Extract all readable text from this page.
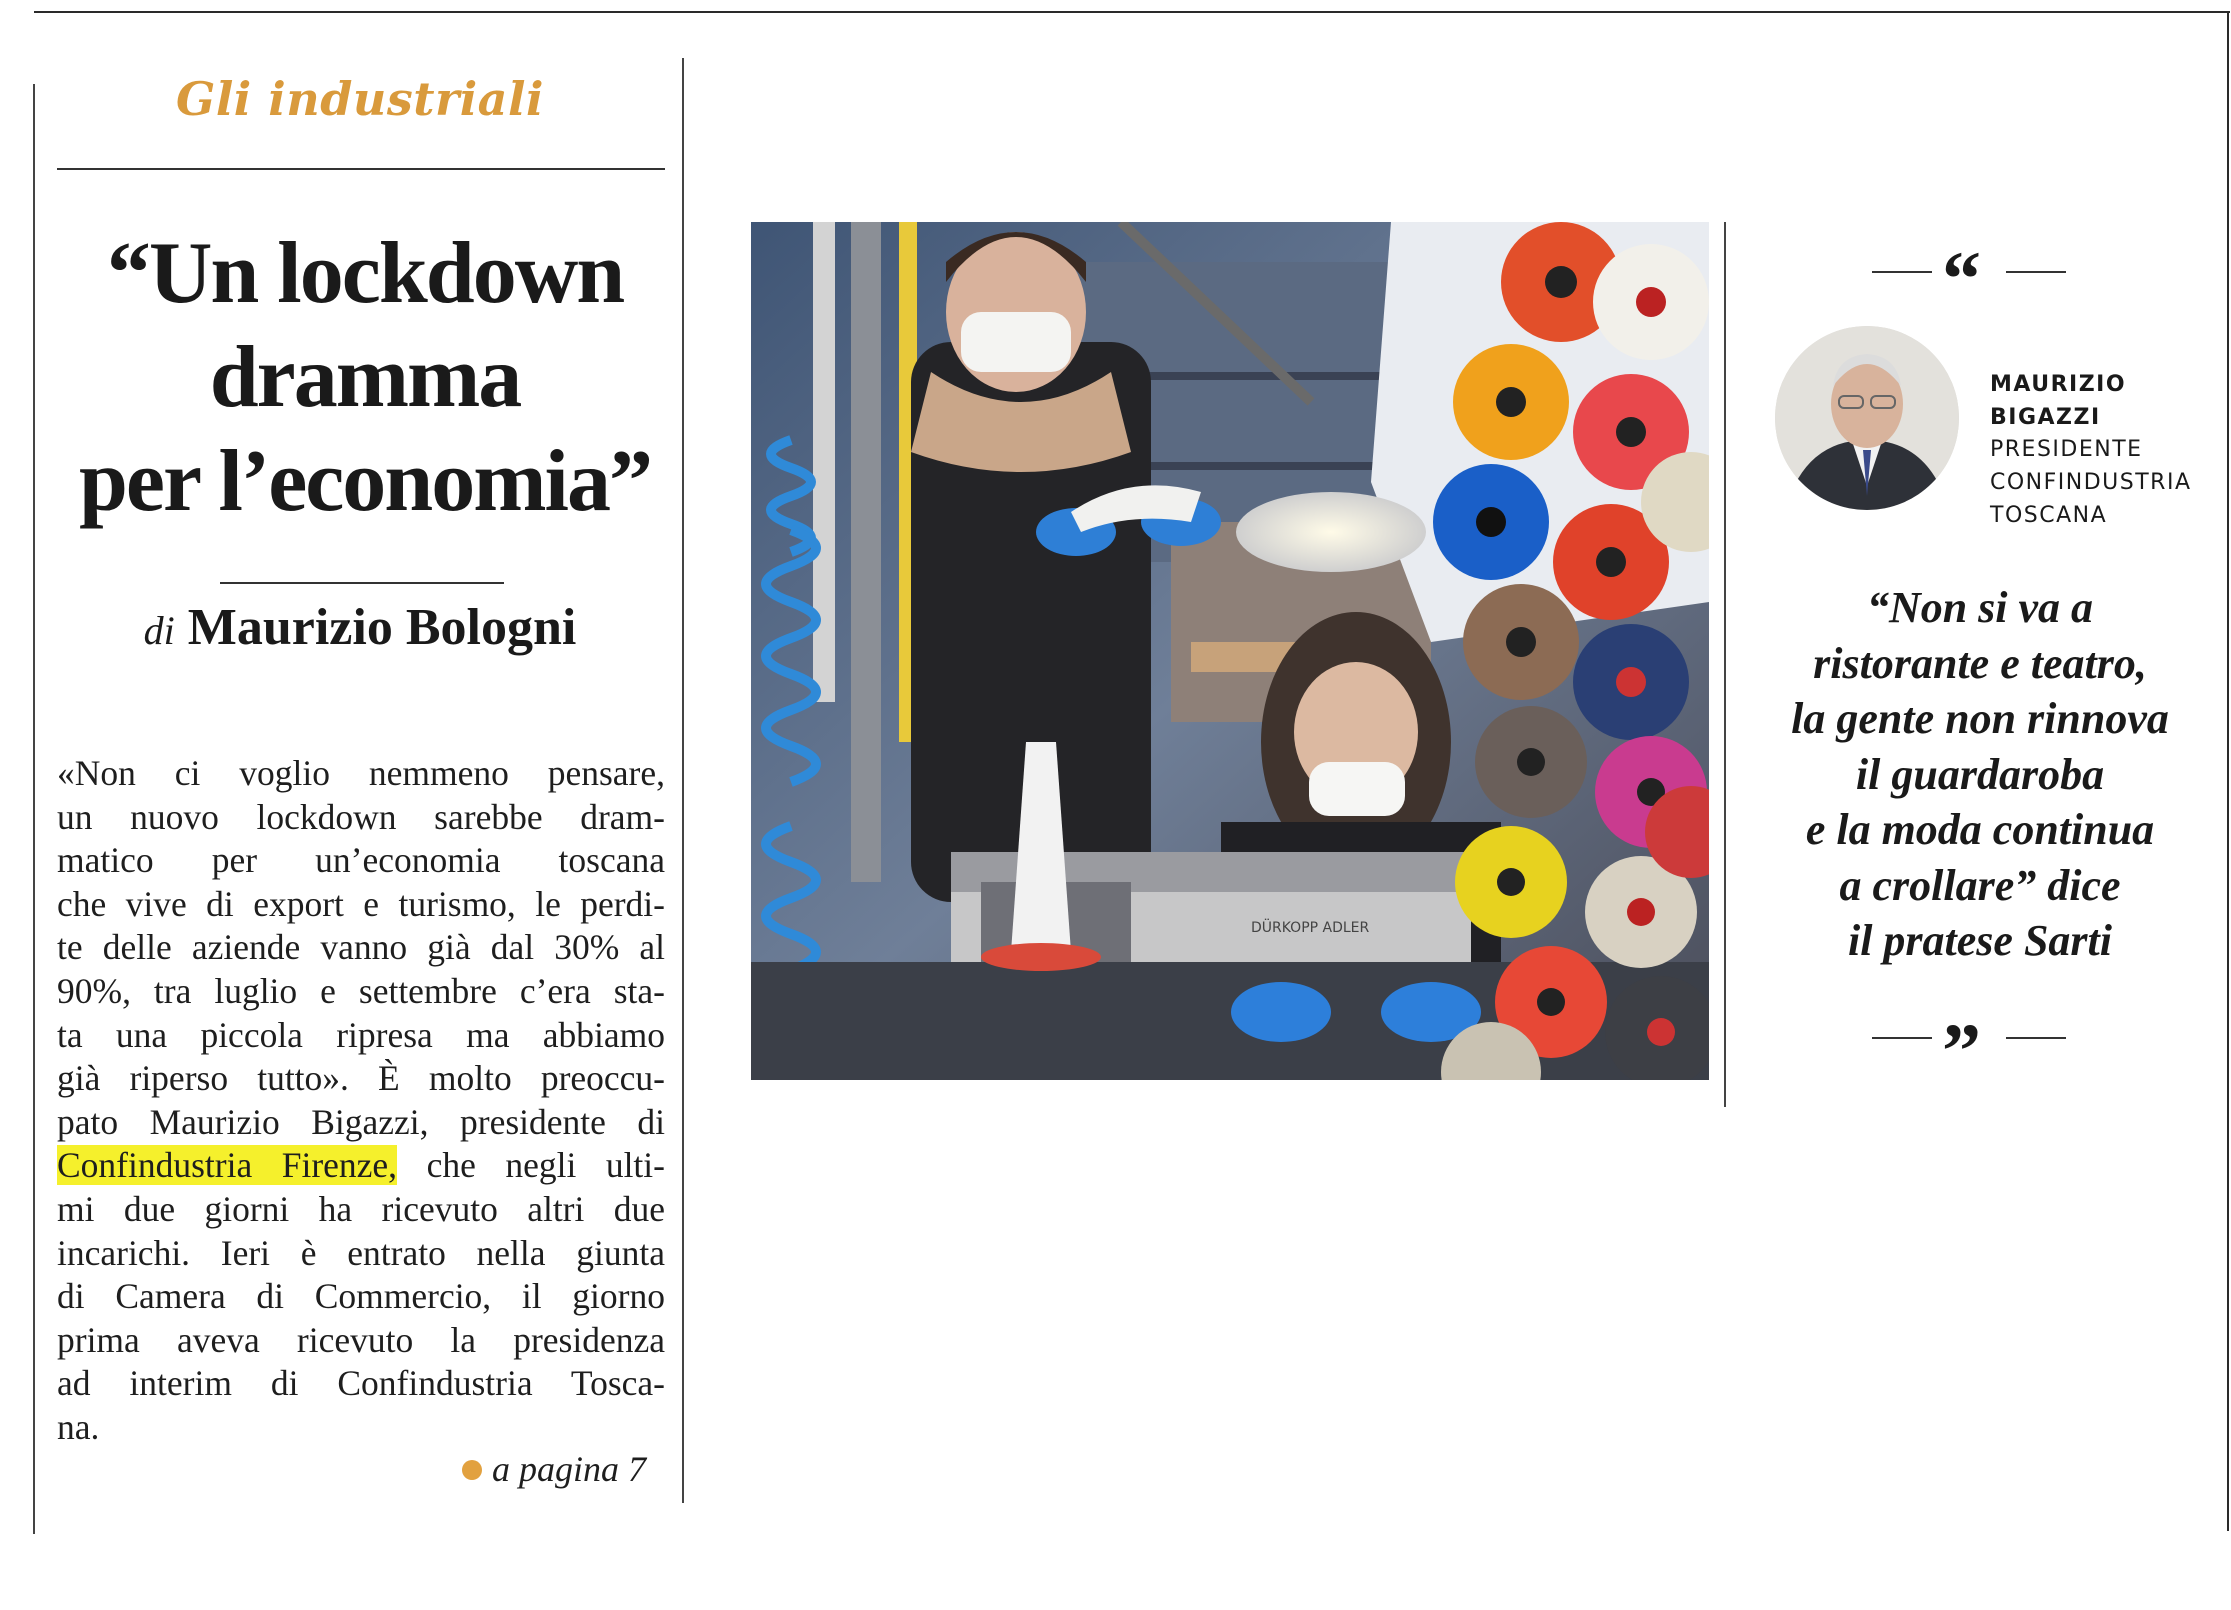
Gli industriali
“Un lockdown
dramma
per l’economia”
di Maurizio Bologni
«Non ci voglio nemmeno pensare,
un nuovo lockdown sarebbe dram-
matico per un’economia toscana
che vive di export e turismo, le perdi-
te delle aziende vanno già dal 30% al
90%, tra luglio e settembre c’era sta-
ta una piccola ripresa ma abbiamo
già riperso tutto». È molto preoccu-
pato Maurizio Bigazzi, presidente di
Confindustria Firenze, che negli ulti-
mi due giorni ha ricevuto altri due
incarichi. Ieri è entrato nella giunta
di Camera di Commercio, il giorno
prima aveva ricevuto la presidenza
ad interim di Confindustria Tosca-
na.
a pagina 7
DÜRKOPP ADLER
“
MAURIZIO
BIGAZZI
PRESIDENTE
CONFINDUSTRIA
TOSCANA
“Non si va a
ristorante e teatro,
la gente non rinnova
il guardaroba
e la moda continua
a crollare” dice
il pratese Sarti
”
